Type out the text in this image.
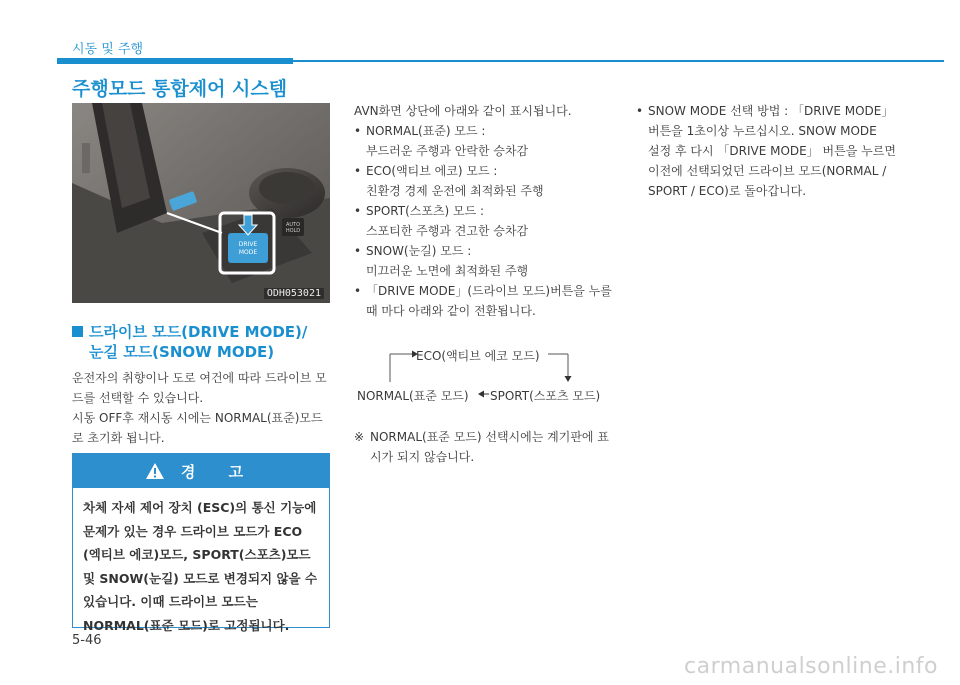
시동 및 주행
주행모드 통합제어 시스템
DRIVE
MODE
AUTO
HOLD
ODH053021
드라이브 모드(DRIVE MODE)/
눈길 모드(SNOW MODE)
운전자의 취향이나 도로 여건에 따라 드라이브 모드를 선택할 수 있습니다.
시동 OFF후 재시동 시에는 NORMAL(표준)모드로 초기화 됩니다.
경 고
차체 자세 제어 장치 (ESC)의 통신 기능에 문제가 있는 경우 드라이브 모드가 ECO (엑티브 에코)모드, SPORT(스포츠)모드 및 SNOW(눈길) 모드로 변경되지 않을 수 있습니다. 이때 드라이브 모드는 NORMAL(표준 모드)로 고정됩니다.
AVN화면 상단에 아래와 같이 표시됩니다.
• NORMAL(표준) 모드 :
부드러운 주행과 안락한 승차감
• ECO(액티브 에코) 모드 :
친환경 경제 운전에 최적화된 주행
• SPORT(스포츠) 모드 :
스포티한 주행과 견고한 승차감
• SNOW(눈길) 모드 :
미끄러운 노면에 최적화된 주행
• 「DRIVE MODE」(드라이브 모드)버튼을 누를
때 마다 아래와 같이 전환됩니다.
ECO(액티브 에코 모드)
NORMAL(표준 모드) SPORT(스포츠 모드)
※ NORMAL(표준 모드) 선택시에는 계기판에 표시가 되지 않습니다.
• SNOW MODE 선택 방법 : 「DRIVE MODE」
버튼을 1초이상 누르십시오. SNOW MODE
설정 후 다시 「DRIVE MODE」 버튼을 누르면
이전에 선택되었던 드라이브 모드(NORMAL /
SPORT / ECO)로 돌아갑니다.
5-46
carmanualsonline.info
